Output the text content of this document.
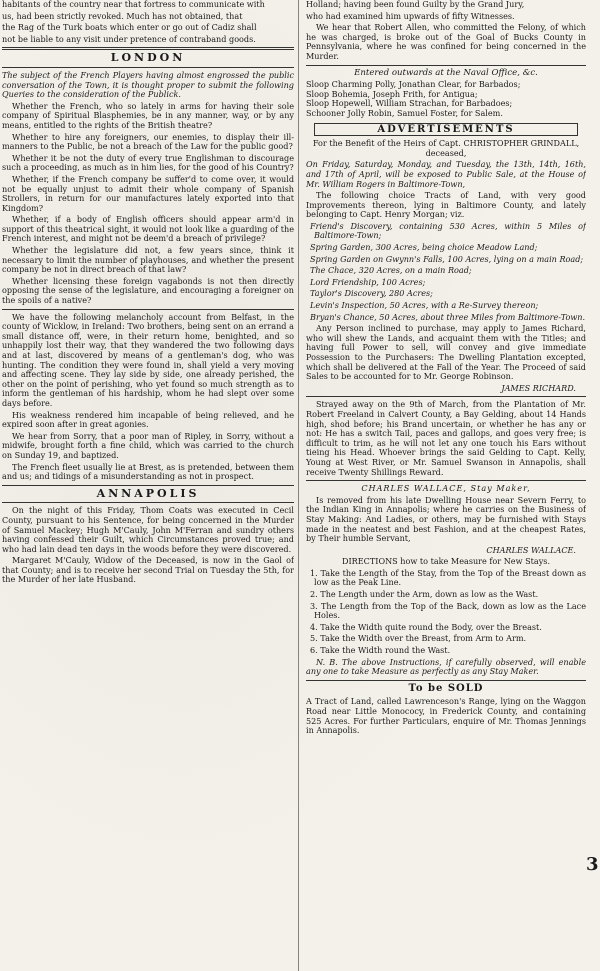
habitants of the country near that fortress to communicate with

us, had been strictly revoked. Much has not obtained, that

the Rag of the Turk boats which enter or go out of Cadiz shall

not be liable to any visit under pretence of contraband goods.

LONDON

The subject of the French Players having almost engrossed the public conversation of the Town, it is thought proper to submit the following Queries to the consideration of the Publick.

Whether the French, who so lately in arms for having their sole company of Spiritual Blasphemies, be in any manner, way, or by any means, entitled to the rights of the British theatre?

Whether to hire any foreigners, our enemies, to display their ill-manners to the Public, be not a breach of the Law for the public good?

Whether it be not the duty of every true Englishman to discourage such a proceeding, as much as in him lies, for the good of his Country?

Whether, if the French company be suffer'd to come over, it would not be equally unjust to admit their whole company of Spanish Strollers, in return for our manufactures lately exported into that Kingdom?

Whether, if a body of English officers should appear arm'd in support of this theatrical sight, it would not look like a guarding of the French interest, and might not be deem'd a breach of privilege?

Whether the legislature did not, a few years since, think it necessary to limit the number of playhouses, and whether the present company be not in direct breach of that law?

Whether licensing these foreign vagabonds is not then directly opposing the sense of the legislature, and encouraging a foreigner on the spoils of a native?

We have the following melancholy account from Belfast, in the county of Wicklow, in Ireland: Two brothers, being sent on an errand a small distance off, were, in their return home, benighted, and so unhappily lost their way, that they wandered the two following days and at last, discovered by means of a gentleman's dog, who was hunting. The condition they were found in, shall yield a very moving and affecting scene. They lay side by side, one already perished, the other on the point of perishing, who yet found so much strength as to inform the gentleman of his hardship, whom he had slept over some days before.

His weakness rendered him incapable of being relieved, and he expired soon after in great agonies.

We hear from Sorry, that a poor man of Ripley, in Sorry, without a midwife, brought forth a fine child, which was carried to the church on Sunday 19, and baptized.

The French fleet usually lie at Brest, as is pretended, between them and us; and tidings of a misunderstanding as not in prospect.

ANNAPOLIS

On the night of this Friday, Thom Coats was executed in Cecil County, pursuant to his Sentence, for being concerned in the Murder of Samuel Mackey; Hugh M'Cauly, John M'Ferran and sundry others having confessed their Guilt, which Circumstances proved true; and who had lain dead ten days in the woods before they were discovered.

Margaret M'Cauly, Widow of the Deceased, is now in the Gaol of that County; and is to receive her second Trial on Tuesday the 5th, for the Murder of her late Husband.

Holland; having been found Guilty by the Grand Jury,

who had examined him upwards of fifty Witnesses.

We hear that Robert Allen, who committed the Felony, of which he was charged, is broke out of the Goal of Bucks County in Pennsylvania, where he was confined for being concerned in the Murder.

Entered outwards at the Naval Office, &c.

Sloop Charming Polly, Jonathan Clear, for Barbados;

Sloop Bohemia, Joseph Frith, for Antigua;

Sloop Hopewell, William Strachan, for Barbadoes;

Schooner Jolly Robin, Samuel Foster, for Salem.

ADVERTISEMENTS

For the Benefit of the Heirs of Capt. CHRISTOPHER GRINDALL, deceased,

On Friday, Saturday, Monday, and Tuesday, the 13th, 14th, 16th, and 17th of April, will be exposed to Public Sale, at the House of Mr. William Rogers in Baltimore-Town,

The following choice Tracts of Land, with very good Improvements thereon, lying in Baltimore County, and lately belonging to Capt. Henry Morgan; viz.

Friend's Discovery, containing 530 Acres, within 5 Miles of Baltimore-Town;

Spring Garden, 300 Acres, being choice Meadow Land;

Spring Garden on Gwynn's Falls, 100 Acres, lying on a main Road;

The Chace, 320 Acres, on a main Road;

Lord Friendship, 100 Acres;

Taylor's Discovery, 280 Acres;

Levin's Inspection, 50 Acres, with a Re-Survey thereon;

Bryan's Chance, 50 Acres, about three Miles from Baltimore-Town.

Any Person inclined to purchase, may apply to James Richard, who will shew the Lands, and acquaint them with the Titles; and having full Power to sell, will convey and give immediate Possession to the Purchasers: The Dwelling Plantation excepted, which shall be delivered at the Fall of the Year. The Proceed of said Sales to be accounted for to Mr. George Robinson.

JAMES RICHARD.

Strayed away on the 9th of March, from the Plantation of Mr. Robert Freeland in Calvert County, a Bay Gelding, about 14 Hands high, shod before; his Brand uncertain, or whether he has any or not: He has a switch Tail, paces and gallops, and goes very free; is difficult to trim, as he will not let any one touch his Ears without tieing his Head. Whoever brings the said Gelding to Capt. Kelly, Young at West River, or Mr. Samuel Swanson in Annapolis, shall receive Twenty Shillings Reward.

CHARLES WALLACE, Stay Maker,

Is removed from his late Dwelling House near Severn Ferry, to the Indian King in Annapolis; where he carries on the Business of Stay Making: And Ladies, or others, may be furnished with Stays made in the neatest and best Fashion, and at the cheapest Rates, by Their humble Servant,

CHARLES WALLACE.

DIRECTIONS how to take Measure for New Stays.

1. Take the Length of the Stay, from the Top of the Breast down as low as the Peak Line.

2. The Length under the Arm, down as low as the Wast.

3. The Length from the Top of the Back, down as low as the Lace Holes.

4. Take the Width quite round the Body, over the Breast.

5. Take the Width over the Breast, from Arm to Arm.

6. Take the Width round the Wast.

N. B. The above Instructions, if carefully observed, will enable any one to take Measure as perfectly as any Stay Maker.

To be SOLD

A Tract of Land, called Lawrenceson's Range, lying on the Waggon Road near Little Monococy, in Frederick County, and containing 525 Acres. For further Particulars, enquire of Mr. Thomas Jennings in Annapolis.

3
